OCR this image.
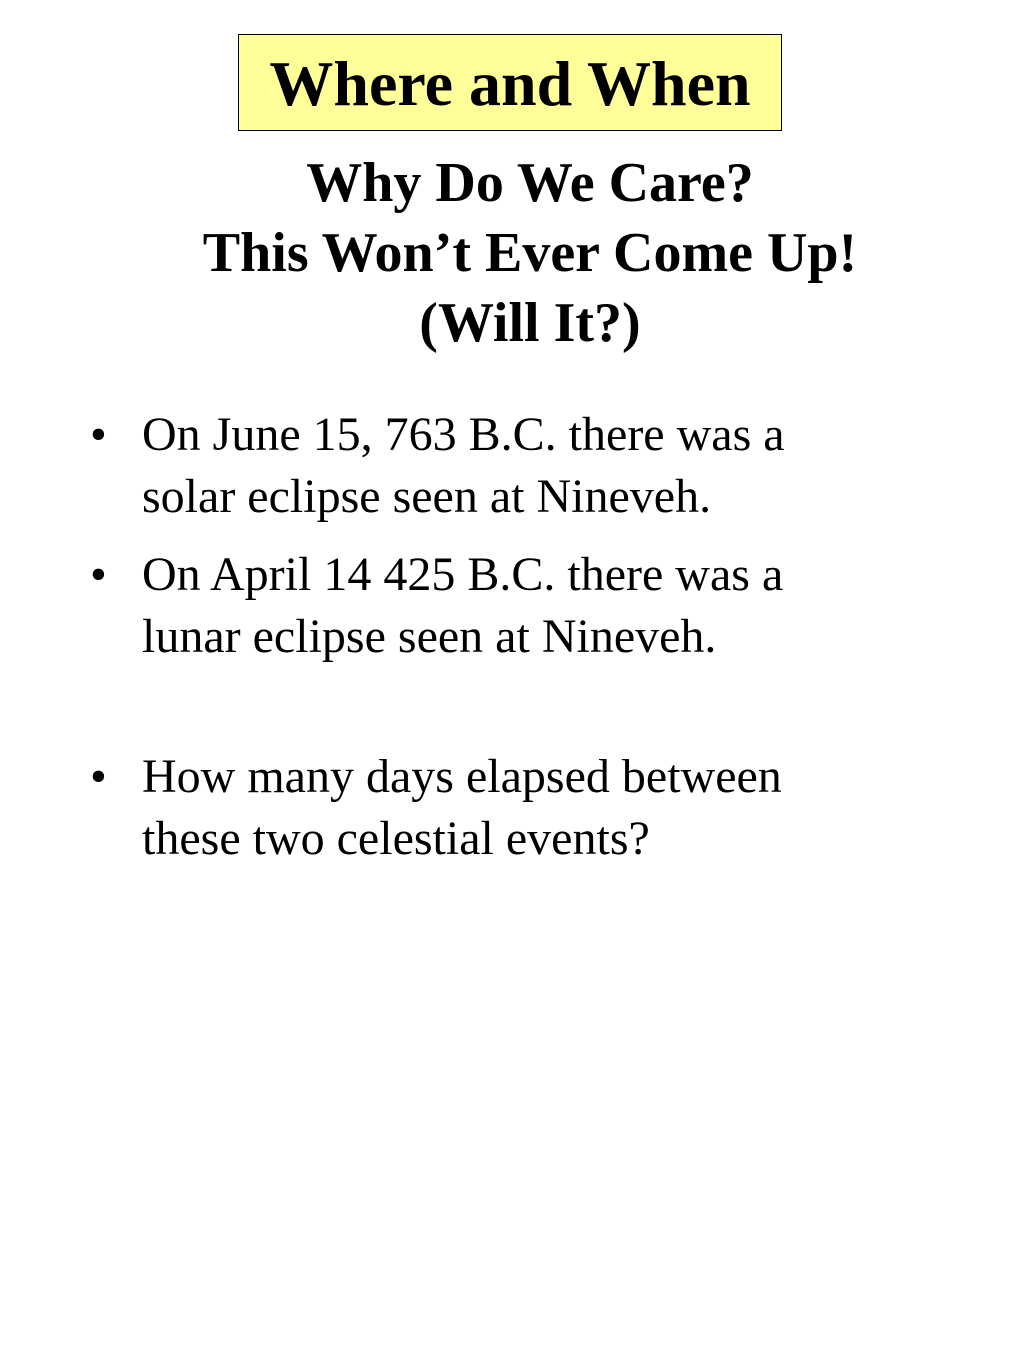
Where and When
Why Do We Care?
This Won’t Ever Come Up!
(Will It?)
• On June 15, 763 B.C. there was a
solar eclipse seen at Nineveh.
• On April 14 425 B.C. there was a
lunar eclipse seen at Nineveh.
• How many days elapsed between
these two celestial events?
